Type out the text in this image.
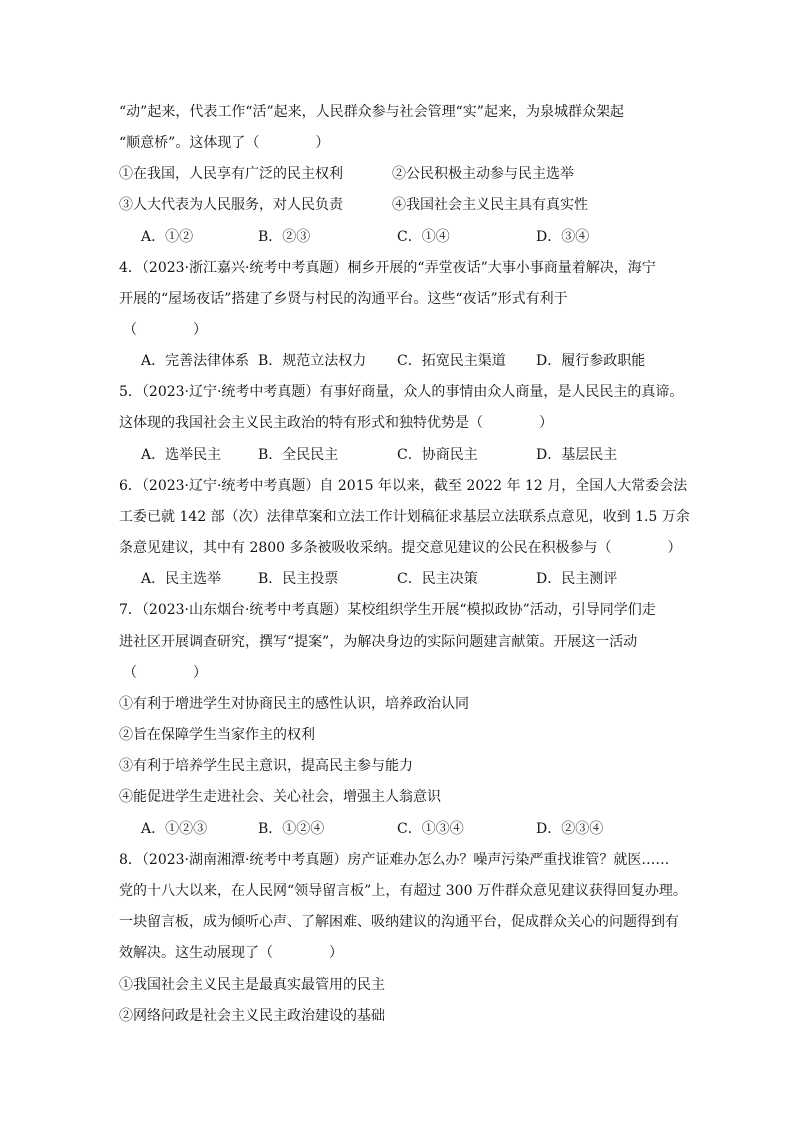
“动”起来，代表工作“活”起来，人民群众参与社会管理“实”起来，为泉城群众架起
“顺意桥”。这体现了（　　　　）
①在我国，人民享有广泛的民主权利	②公民积极主动参与民主选举
③人大代表为人民服务，对人民负责	④我国社会主义民主具有真实性
A．①②	B．②③	C．①④	D．③④
4．（2023·浙江嘉兴·统考中考真题）桐乡开展的“弄堂夜话”大事小事商量着解决，海宁
开展的“屋场夜话”搭建了乡贤与村民的沟通平台。这些“夜话”形式有利于
（　　　　）
A．完善法律体系 B．规范立法权力 C．拓宽民主渠道 D．履行参政职能
5．（2023·辽宁·统考中考真题）有事好商量，众人的事情由众人商量，是人民民主的真谛。
这体现的我国社会主义民主政治的特有形式和独特优势是（　　　　）
A．选举民主	B．全民民主	C．协商民主	D．基层民主
6．（2023·辽宁·统考中考真题）自 2015 年以来，截至 2022 年 12 月，全国人大常委会法
工委已就 142 部（次）法律草案和立法工作计划稿征求基层立法联系点意见，收到 1.5 万余
条意见建议，其中有 2800 多条被吸收采纳。提交意见建议的公民在积极参与（　　　　）
A．民主选举	B．民主投票	C．民主决策	D．民主测评
7．（2023·山东烟台·统考中考真题）某校组织学生开展“模拟政协”活动，引导同学们走
进社区开展调查研究，撰写“提案”，为解决身边的实际问题建言献策。开展这一活动
（　　　　）
①有利于增进学生对协商民主的感性认识，培养政治认同
②旨在保障学生当家作主的权利
③有利于培养学生民主意识，提高民主参与能力
④能促进学生走进社会、关心社会，增强主人翁意识
A．①②③	B．①②④	C．①③④	D．②③④
8．（2023·湖南湘潭·统考中考真题）房产证难办怎么办？噪声污染严重找谁管？就医……
党的十八大以来，在人民网“领导留言板”上，有超过 300 万件群众意见建议获得回复办理。
一块留言板，成为倾听心声、了解困难、吸纳建议的沟通平台，促成群众关心的问题得到有
效解决。这生动展现了（　　　　）
①我国社会主义民主是最真实最管用的民主
②网络问政是社会主义民主政治建设的基础
